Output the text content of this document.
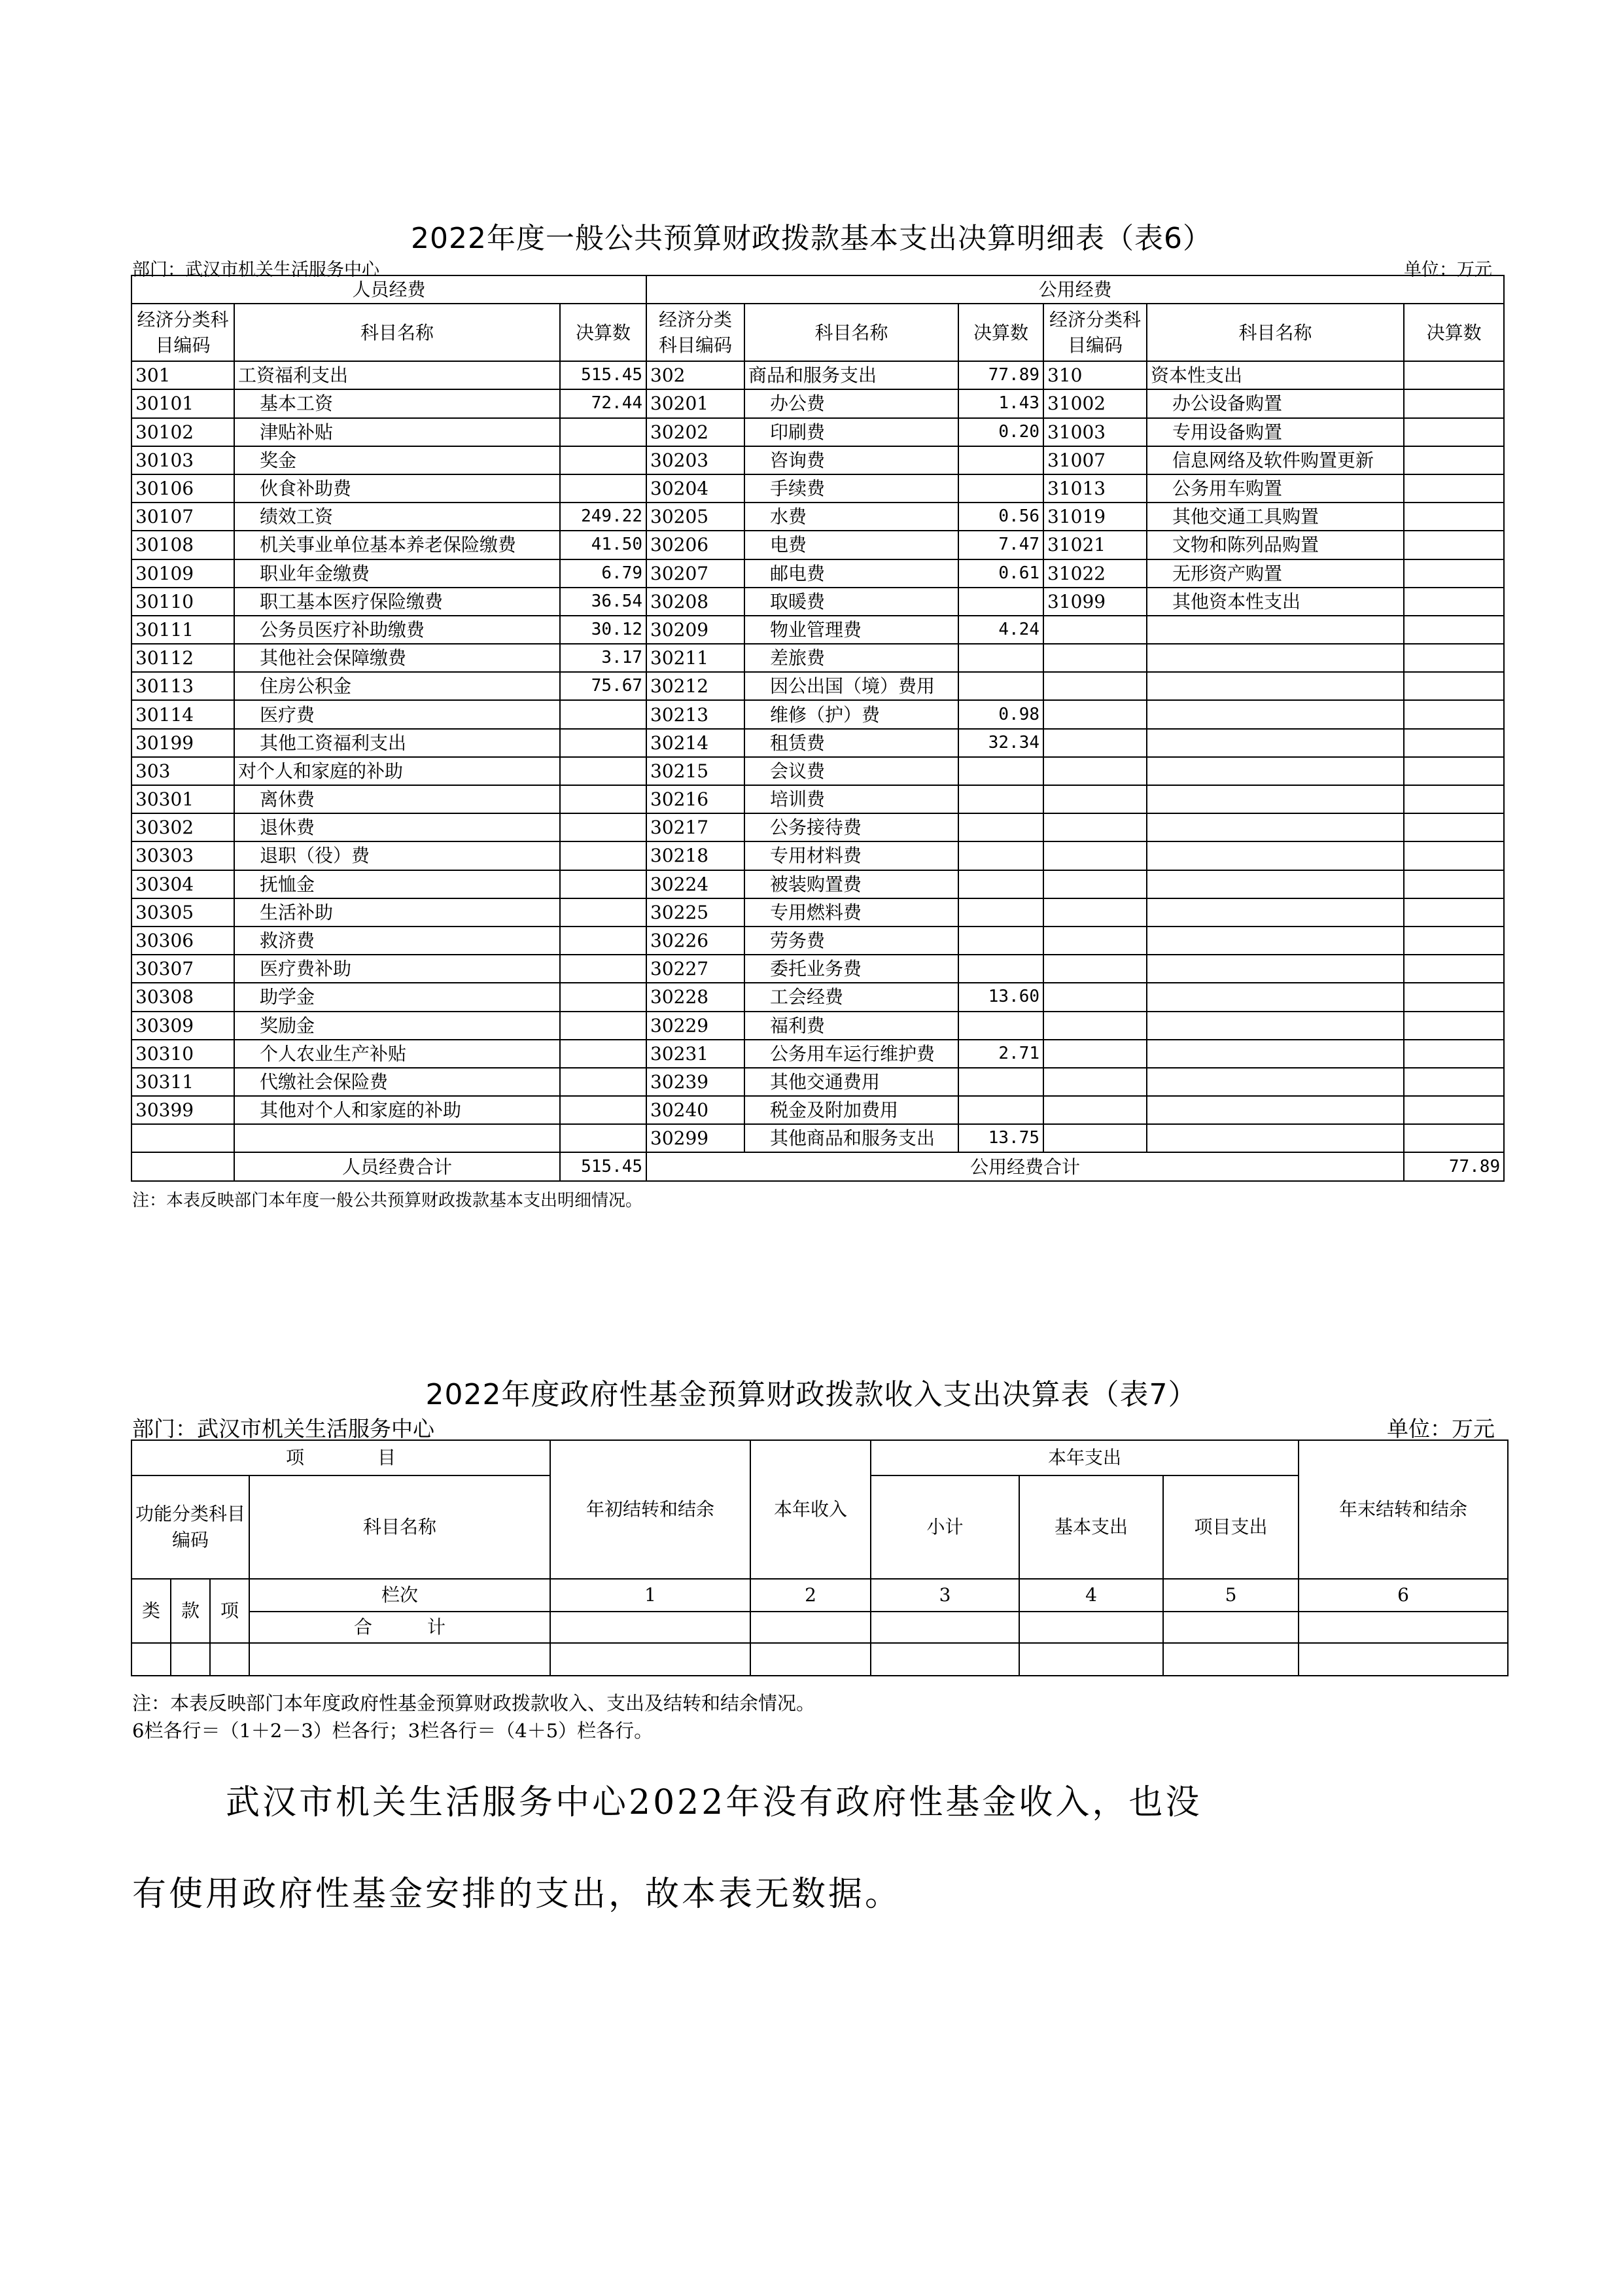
2022年度一般公共预算财政拨款基本支出决算明细表（表6）
部门：武汉市机关生活服务中心	单位：万元
人员经费			公用经费					
经济分类科目编码	科目名称	决算数	经济分类科目编码	科目名称	决算数	经济分类科目编码	科目名称	决算数
301	工资福利支出	515.45	302	商品和服务支出	77.89	310	资本性支出	
30101	基本工资	72.44	30201	办公费	1.43	31002	办公设备购置	
30102	津贴补贴		30202	印刷费	0.20	31003	专用设备购置	
30103	奖金		30203	咨询费		31007	信息网络及软件购置更新	
30106	伙食补助费		30204	手续费		31013	公务用车购置	
30107	绩效工资	249.22	30205	水费	0.56	31019	其他交通工具购置	
30108	机关事业单位基本养老保险缴费	41.50	30206	电费	7.47	31021	文物和陈列品购置	
30109	职业年金缴费	6.79	30207	邮电费	0.61	31022	无形资产购置	
30110	职工基本医疗保险缴费	36.54	30208	取暖费		31099	其他资本性支出	
30111	公务员医疗补助缴费	30.12	30209	物业管理费	4.24			
30112	其他社会保障缴费	3.17	30211	差旅费				
30113	住房公积金	75.67	30212	因公出国（境）费用				
30114	医疗费		30213	维修（护）费	0.98			
30199	其他工资福利支出		30214	租赁费	32.34			
303	对个人和家庭的补助		30215	会议费				
30301	离休费		30216	培训费				
30302	退休费		30217	公务接待费				
30303	退职（役）费		30218	专用材料费				
30304	抚恤金		30224	被装购置费				
30305	生活补助		30225	专用燃料费				
30306	救济费		30226	劳务费				
30307	医疗费补助		30227	委托业务费				
30308	助学金		30228	工会经费	13.60			
30309	奖励金		30229	福利费				
30310	个人农业生产补贴		30231	公务用车运行维护费	2.71			
30311	代缴社会保险费		30239	其他交通费用				
30399	其他对个人和家庭的补助		30240	税金及附加费用				
			30299	其他商品和服务支出	13.75			
	人员经费合计	515.45	公用经费合计					77.89
2022年度政府性基金预算财政拨款收入支出决算表（表7）
部门：武汉市机关生活服务中心	单位：万元
项　　　　目				年初结转和结余	本年收入	本年支出			年末结转和结余
功能分类科目编码			科目名称			小计	基本支出	项目支出	
类	款	项	栏次	1	2	3	4	5	6
			合　　　计						

注：本表反映部门本年度政府性基金预算财政拨款收入、支出及结转和结余情况。
6栏各行＝（1＋2－3）栏各行；3栏各行＝（4＋5）栏各行。
武汉市机关生活服务中心2022年没有政府性基金收入，也没
有使用政府性基金安排的支出，故本表无数据。
注：本表反映部门本年度一般公共预算财政拨款基本支出明细情况。
